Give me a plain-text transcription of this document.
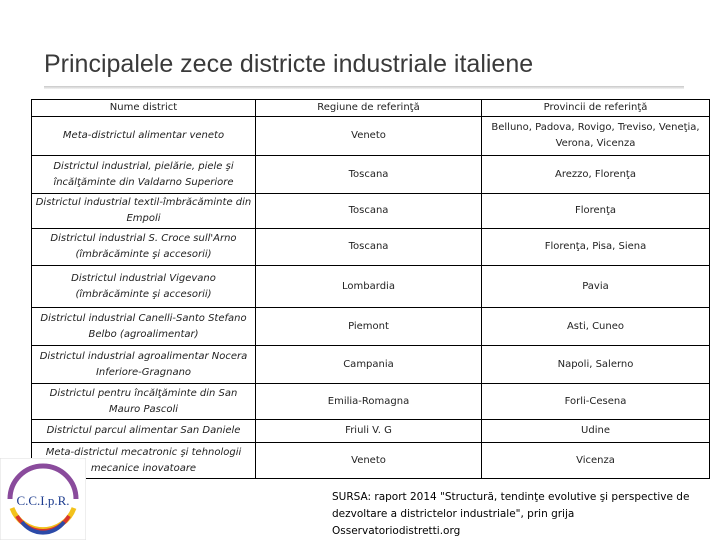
Principalele zece districte industriale italiene
Nume district	Regiune de referinţă	Provincii de referinţă
Meta-districtul alimentar veneto	Veneto	Belluno, Padova, Rovigo, Treviso, Veneţia, Verona, Vicenza
Districtul industrial, pielărie, piele şi încălţăminte din Valdarno Superiore	Toscana	Arezzo, Florenţa
Districtul industrial textil-îmbrăcăminte din Empoli	Toscana	Florenţa
Districtul industrial S. Croce sull'Arno (îmbrăcăminte şi accesorii)	Toscana	Florenţa, Pisa, Siena
Districtul industrial Vigevano (îmbrăcăminte şi accesorii)	Lombardia	Pavia
Districtul industrial Canelli-Santo Stefano Belbo (agroalimentar)	Piemont	Asti, Cuneo
Districtul industrial agroalimentar Nocera Inferiore-Gragnano	Campania	Napoli, Salerno
Districtul pentru încălţăminte din San Mauro Pascoli	Emilia-Romagna	Forli-Cesena
Districtul parcul alimentar San Daniele	Friuli V. G	Udine
Meta-districtul mecatronic şi tehnologii mecanice inovatoare	Veneto	Vicenza
C.C.I.p.R.	SURSA: raport 2014 "Structură, tendinţe evolutive şi perspective de dezvoltare a districtelor industriale", prin grija Osservatoriodistretti.org
